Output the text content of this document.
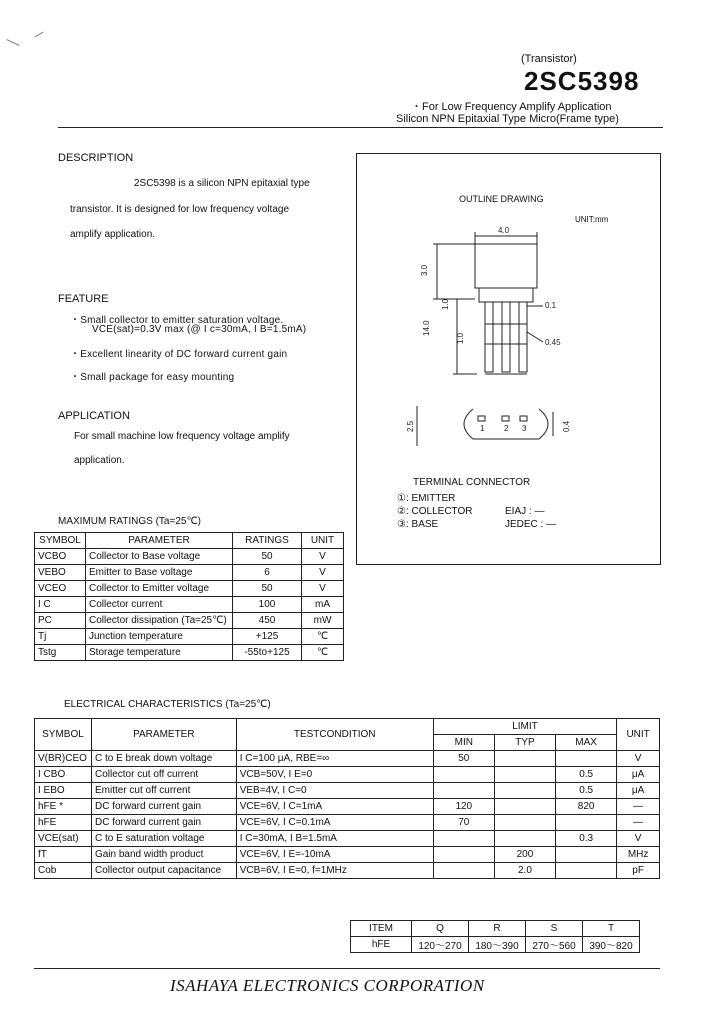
(Transistor)
2SC5398
・For Low Frequency Amplify Application
Silicon NPN Epitaxial Type Micro(Frame type)
DESCRIPTION
2SC5398 is a silicon NPN epitaxial type
transistor. It is designed for low frequency voltage
amplify application.
FEATURE
・Small collector to emitter saturation voltage.
VCE(sat)=0.3V max (@ I c=30mA, I B=1.5mA)
・Excellent linearity of DC forward current gain
・Small package for easy mounting
APPLICATION
For small machine low frequency voltage amplify
application.
OUTLINE DRAWING
UNIT:mm
4.0
3.0
1.0
14.0
1.0
0.1
0.45
2.5	0.4
1 2 3
TERMINAL CONNECTOR
①: EMITTER
②: COLLECTOR
③: BASE
EIAJ : —
JEDEC : —
MAXIMUM RATINGS (Ta=25℃)
SYMBOL	PARAMETER	RATINGS	UNIT
VCBO	Collector to Base voltage	50	V
VEBO	Emitter to Base voltage	6	V
VCEO	Collector to Emitter voltage	50	V
I C	Collector current	100	mA
PC	Collector dissipation (Ta=25℃)	450	mW
Tj	Junction temperature	+125	℃
Tstg	Storage temperature	-55to+125	℃
ELECTRICAL CHARACTERISTICS (Ta=25℃)
SYMBOL	PARAMETER	TESTCONDITION	LIMIT			UNIT
			MIN	TYP	MAX	
V(BR)CEO	C to E break down voltage	I C=100 μA, RBE=∞	50			V
I CBO	Collector cut off current	VCB=50V, I E=0			0.5	μA
I EBO	Emitter cut off current	VEB=4V, I C=0			0.5	μA
hFE *	DC forward current gain	VCE=6V, I C=1mA	120		820	—
hFE	DC forward current gain	VCE=6V, I C=0.1mA	70			—
VCE(sat)	C to E saturation voltage	I C=30mA, I B=1.5mA			0.3	V
fT	Gain band width product	VCE=6V, I E=-10mA		200		MHz
Cob	Collector output capacitance	VCB=6V, I E=0, f=1MHz		2.0		pF
ITEM	Q	R	S	T
hFE	120～270	180～390	270～560	390～820
ISAHAYA ELECTRONICS CORPORATION
